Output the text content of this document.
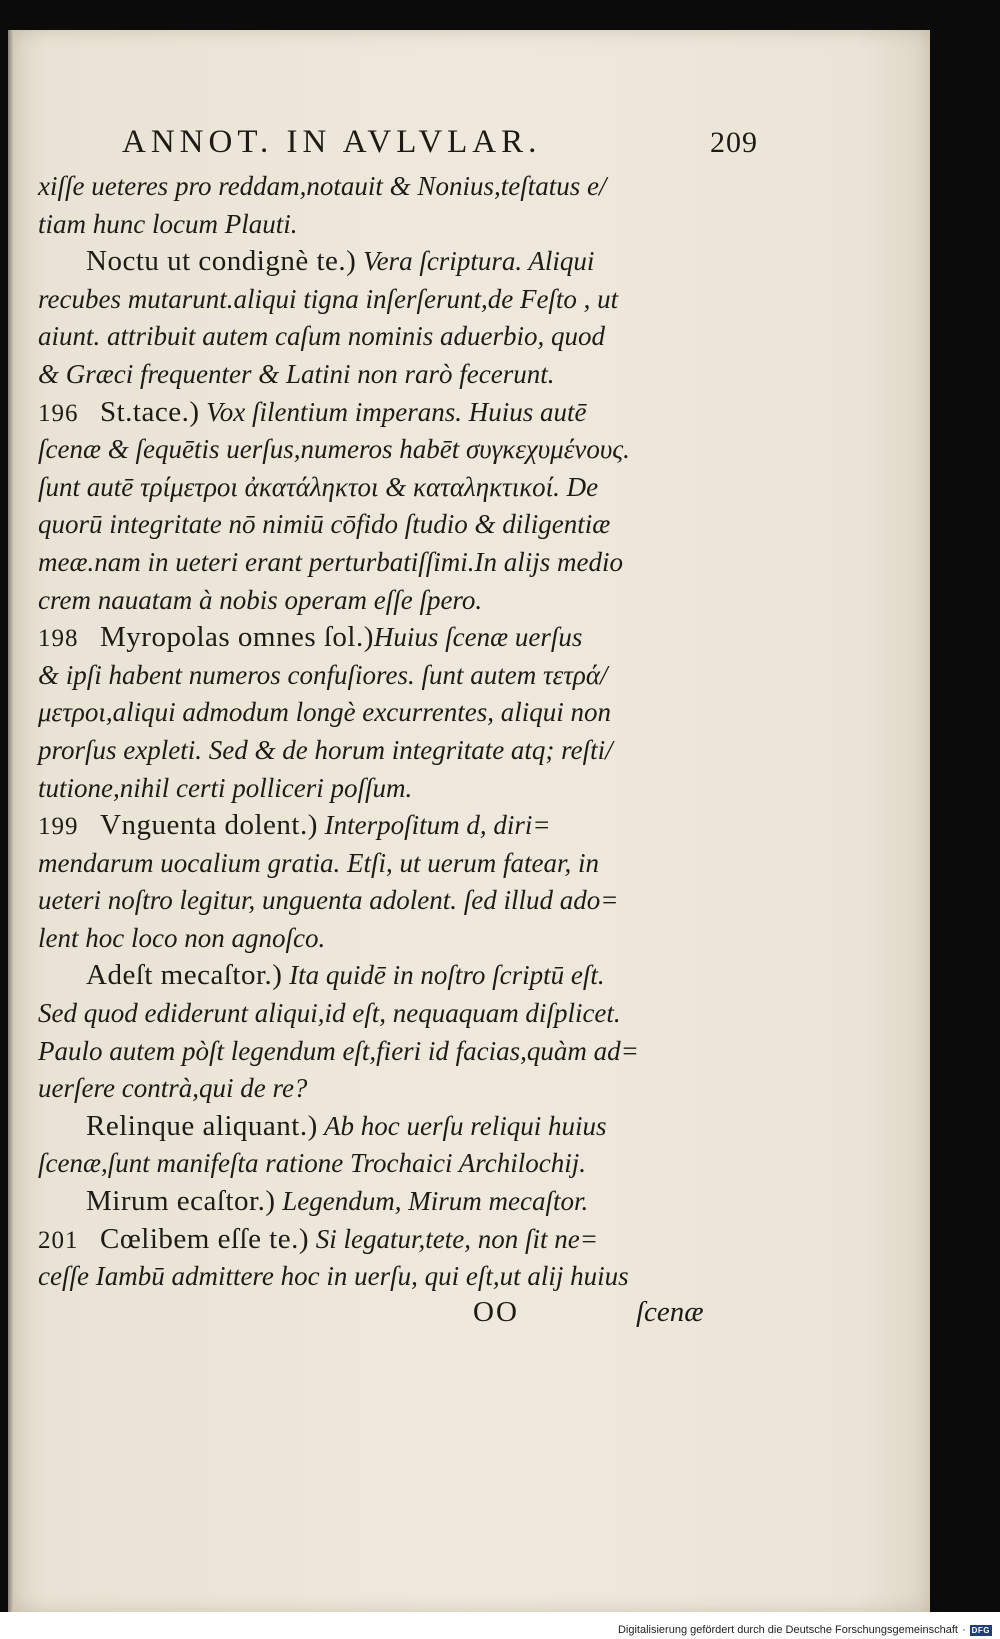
ANNOT. IN AVLVLAR.	209
xiſſe ueteres pro reddam,notauit & Nonius,teſtatus e/
tiam hunc locum Plauti.
Noctu ut condignè te.) Vera ſcriptura. Aliqui
recubes mutarunt.aliqui tigna inſerſerunt,de Feſto , ut
aiunt. attribuit autem caſum nominis aduerbio, quod
& Græci frequenter & Latini non rarò fecerunt.
196 St.tace.) Vox ſilentium imperans. Huius autē
ſcenæ & ſequētis uerſus,numeros habēt συγκεχυμένους.
ſunt autē τρίμετροι ἀκατάληκτοι & καταληκτικοί. De
quorū integritate nō nimiū cōfido ſtudio & diligentiæ
meæ.nam in ueteri erant perturbatiſſimi.In alijs medio
crem nauatam à nobis operam eſſe ſpero.
198 Myropolas omnes ſol.)Huius ſcenæ uerſus
& ipſi habent numeros confuſiores. ſunt autem τετρά/
μετροι,aliqui admodum longè excurrentes, aliqui non
prorſus expleti. Sed & de horum integritate atq; reſti/
tutione,nihil certi polliceri poſſum.
199 Vnguenta dolent.) Interpoſitum d, diri=
mendarum uocalium gratia. Etſi, ut uerum fatear, in
ueteri noſtro legitur, unguenta adolent. ſed illud ado=
lent hoc loco non agnoſco.
Adeſt mecaſtor.) Ita quidē in noſtro ſcriptū eſt.
Sed quod ediderunt aliqui,id eſt, nequaquam diſplicet.
Paulo autem pòſt legendum eſt,fieri id facias,quàm ad=
uerſere contrà,qui de re?
Relinque aliquant.) Ab hoc uerſu reliqui huius
ſcenæ,ſunt manifeſta ratione Trochaici Archilochij.
Mirum ecaſtor.) Legendum, Mirum mecaſtor.
201 Cœlibem eſſe te.) Si legatur,tete, non ſit ne=
ceſſe Iambū admittere hoc in uerſu, qui eſt,ut alij huius
OO	ſcenæ
Digitalisierung gefördert durch die Deutsche Forschungsgemeinschaft · DFG
